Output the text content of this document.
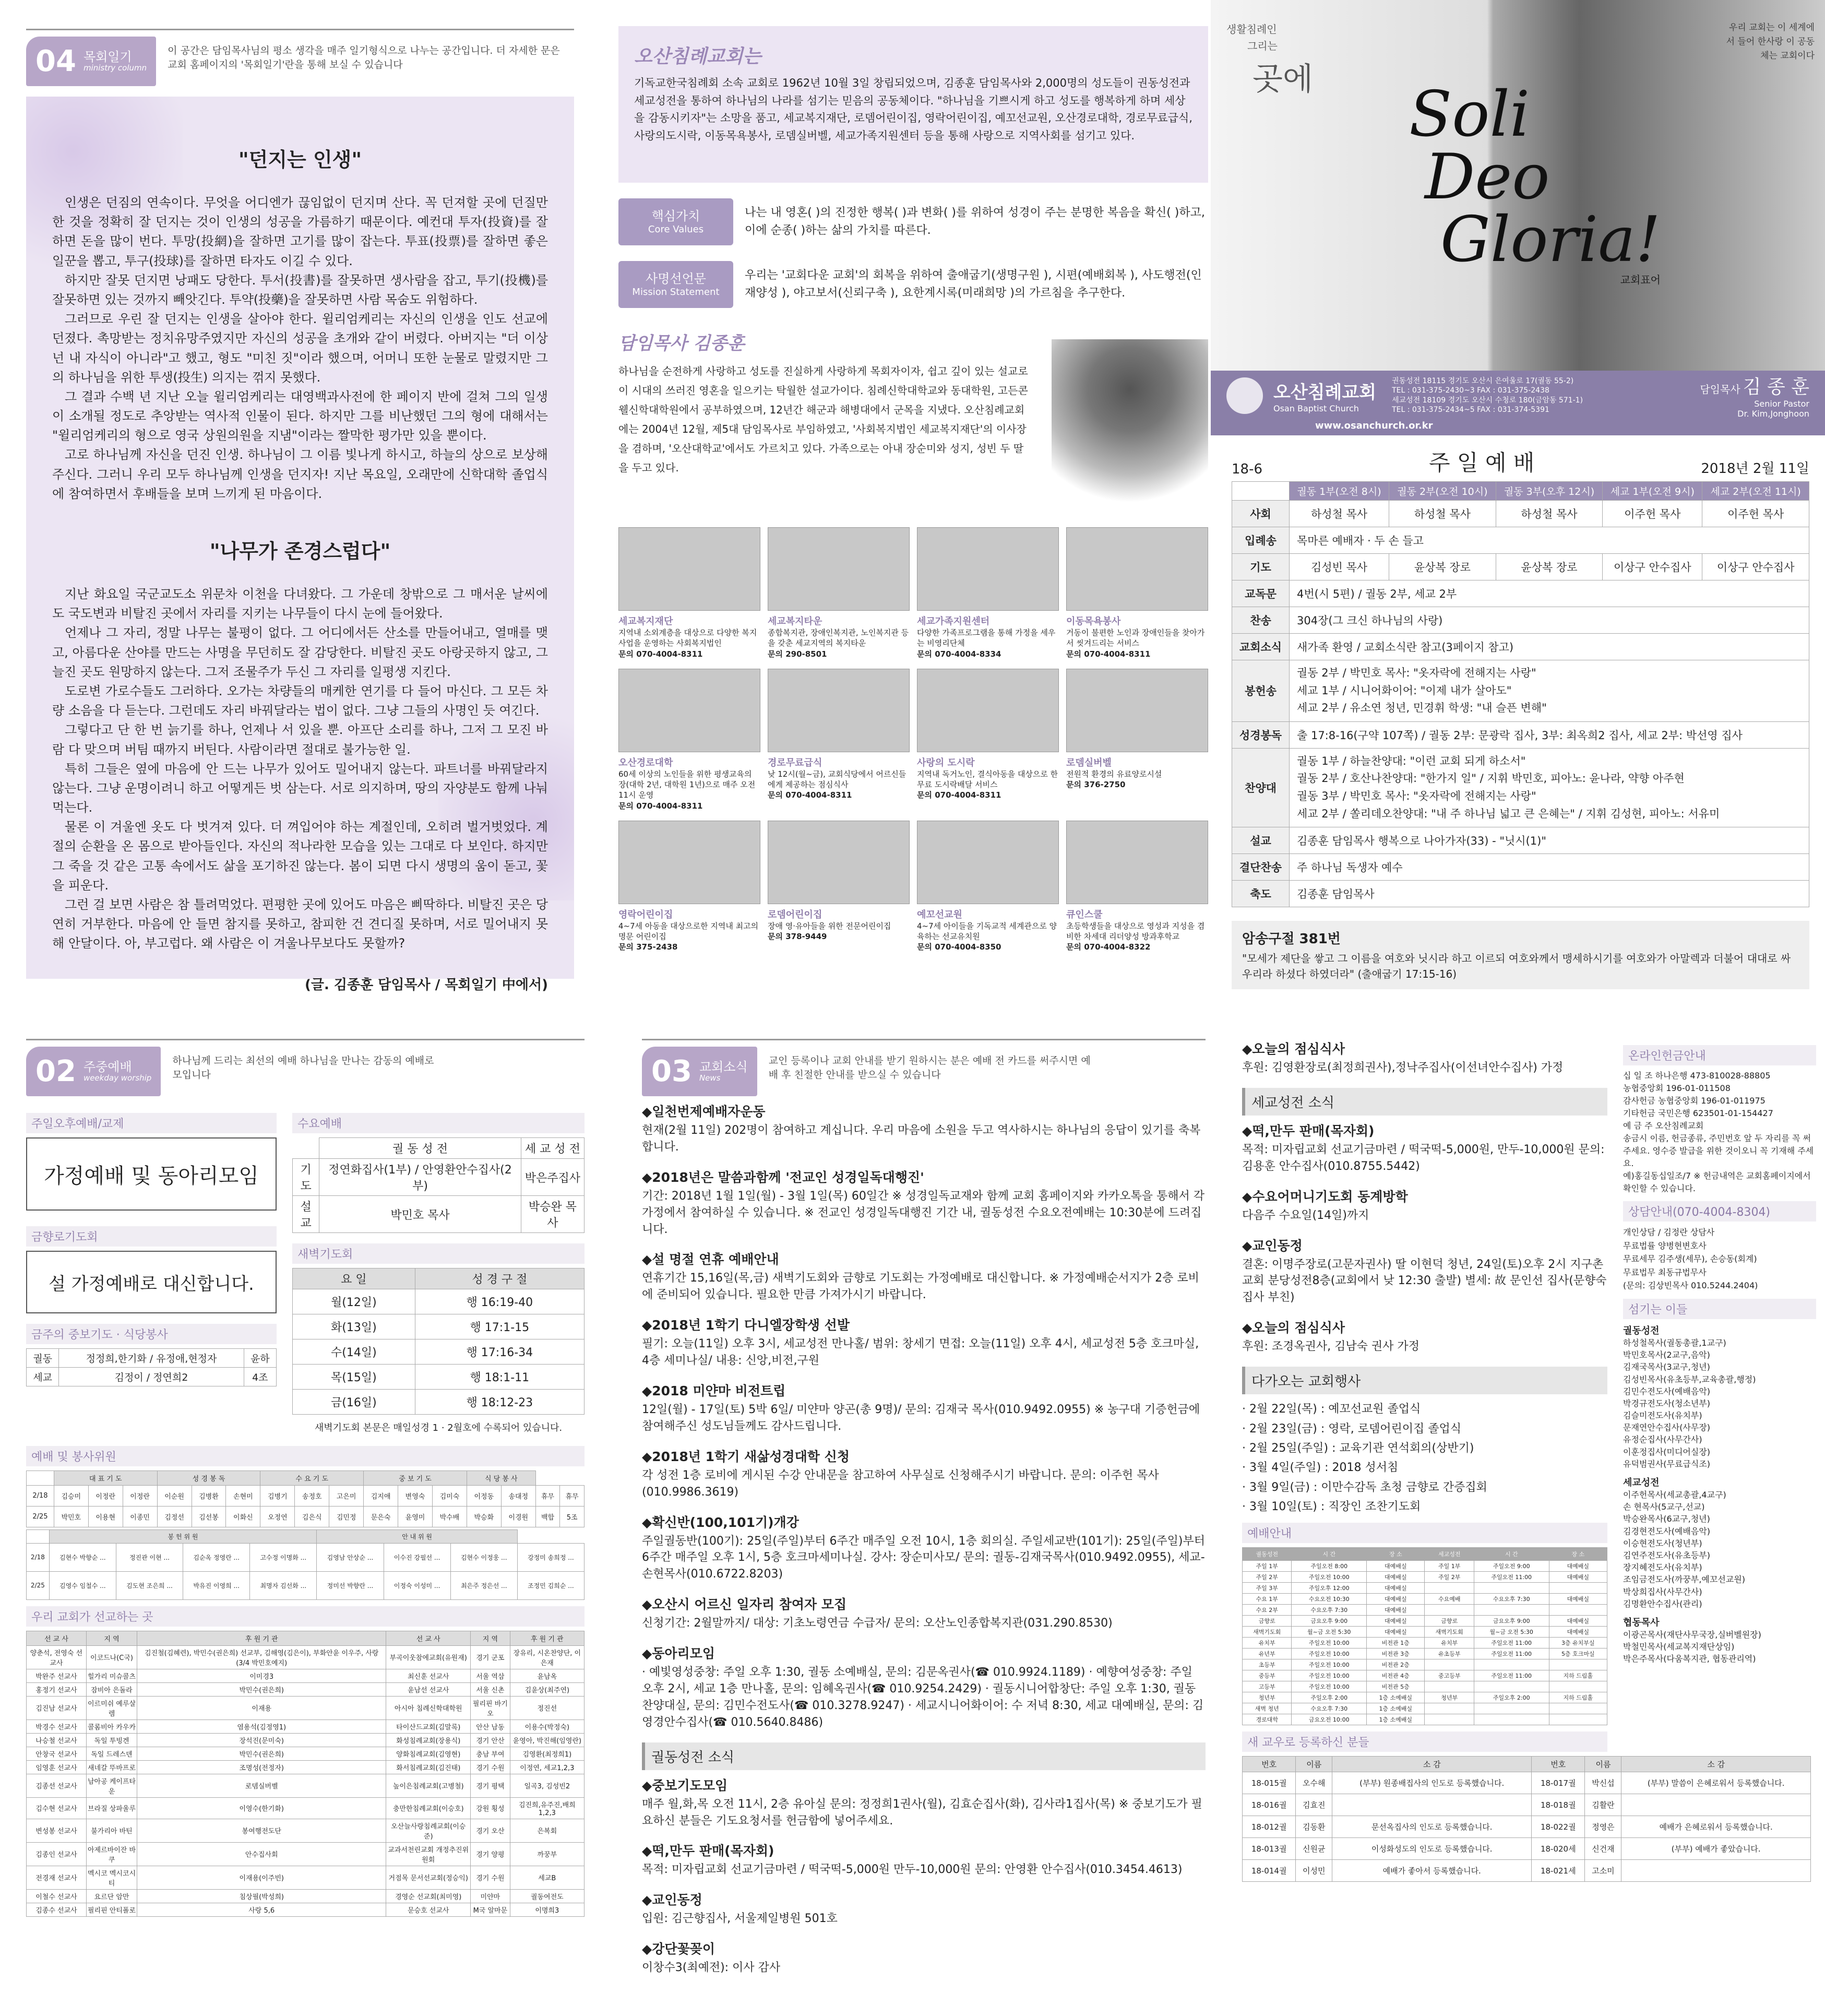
04 목회일기
ministry column
이 공간은 담임목사님의 평소 생각을 매주 일기형식으로 나누는 공간입니다. 더 자세한 문은 교회 홈페이지의 '목회일기'란을 통해 보실 수 있습니다
"던지는 인생"

인생은 던짐의 연속이다. 무엇을 어디엔가 끊임없이 던지며 산다. 꼭 던져할 곳에 던질만한 것을 정확히 잘 던지는 것이 인생의 성공을 가름하기 때문이다. 예컨대 투자(投資)를 잘하면 돈을 많이 번다. 투망(投網)을 잘하면 고기를 많이 잡는다. 투표(投票)를 잘하면 좋은 일꾼을 뽑고, 투구(投球)를 잘하면 타자도 이길 수 있다.

하지만 잘못 던지면 낭패도 당한다. 투서(投書)를 잘못하면 생사람을 잡고, 투기(投機)를 잘못하면 있는 것까지 빼앗긴다. 투약(投藥)을 잘못하면 사람 목숨도 위험하다.

그러므로 우린 잘 던지는 인생을 살아야 한다. 윌리엄케리는 자신의 인생을 인도 선교에 던졌다. 촉망받는 정치유망주였지만 자신의 성공을 초개와 같이 버렸다. 아버지는 "더 이상 넌 내 자식이 아니라"고 했고, 형도 "미친 짓"이라 했으며, 어머니 또한 눈물로 말렸지만 그의 하나님을 위한 투생(投生) 의지는 꺾지 못했다.

그 결과 수백 년 지난 오늘 윌리엄케리는 대영백과사전에 한 페이지 반에 걸쳐 그의 일생이 소개될 정도로 추앙받는 역사적 인물이 된다. 하지만 그를 비난했던 그의 형에 대해서는 "윌리엄케리의 형으로 영국 상원의원을 지냄"이라는 짤막한 평가만 있을 뿐이다.

고로 하나님께 자신을 던진 인생. 하나님이 그 이름 빛나게 하시고, 하늘의 상으로 보상해주신다. 그러니 우리 모두 하나님께 인생을 던지자! 지난 목요일, 오래만에 신학대학 졸업식에 참여하면서 후배들을 보며 느끼게 된 마음이다.

"나무가 존경스럽다"

지난 화요일 국군교도소 위문차 이천을 다녀왔다. 그 가운데 창밖으로 그 매서운 날씨에도 국도변과 비탈진 곳에서 자리를 지키는 나무들이 다시 눈에 들어왔다.

언제나 그 자리, 정말 나무는 불평이 없다. 그 어디에서든 산소를 만들어내고, 열매를 맺고, 아름다운 산야를 만드는 사명을 무던히도 잘 감당한다. 비탈진 곳도 아랑곳하지 않고, 그늘진 곳도 원망하지 않는다. 그저 조물주가 두신 그 자리를 일평생 지킨다.

도로변 가로수들도 그러하다. 오가는 차량들의 매케한 연기를 다 들어 마신다. 그 모든 차량 소음을 다 듣는다. 그런데도 자리 바꿔달라는 법이 없다. 그냥 그들의 사명인 듯 여긴다.

그렇다고 단 한 번 늙기를 하나, 언제나 서 있을 뿐. 아프단 소리를 하나, 그저 그 모진 바람 다 맞으며 버팀 때까지 버틴다. 사람이라면 절대로 불가능한 일.

특히 그들은 옆에 마음에 안 드는 나무가 있어도 밀어내지 않는다. 파트너를 바꿔달라지 않는다. 그냥 운명이려니 하고 어떻게든 벗 삼는다. 서로 의지하며, 땅의 자양분도 함께 나눠 먹는다.

물론 이 겨울엔 옷도 다 벗겨져 있다. 더 껴입어야 하는 계절인데, 오히려 벌거벗었다. 계절의 순환을 온 몸으로 받아들인다. 자신의 적나라한 모습을 있는 그대로 다 보인다. 하지만 그 죽을 것 같은 고통 속에서도 삶을 포기하진 않는다. 봄이 되면 다시 생명의 움이 돋고, 꽃을 피운다.

그런 걸 보면 사람은 참 틀려먹었다. 편평한 곳에 있어도 마음은 삐딱하다. 비탈진 곳은 당연히 거부한다. 마음에 안 들면 참지를 못하고, 참피한 건 견디질 못하며, 서로 밀어내지 못해 안달이다. 아, 부고럽다. 왜 사람은 이 겨울나무보다도 못할까?

(글. 김종훈 담임목사 / 목회일기 中에서)

오산침례교회는

기독교한국침례회 소속 교회로 1962년 10월 3일 창립되었으며, 김종훈 담임목사와 2,000명의 성도들이 권동성전과 세교성전을 통하여 하나님의 나라를 섬기는 믿음의 공동체이다. "하나님을 기쁘시게 하고 성도를 행복하게 하며 세상을 감동시키자"는 소망을 품고, 세교복지재단, 로뎀어린이집, 영락어린이집, 예꼬선교원, 오산경로대학, 경로무료급식, 사랑의도시락, 이동목욕봉사, 로뎀실버벨, 세교가족지원센터 등을 통해 사랑으로 지역사회를 섬기고 있다.

핵심가치
Core Values

나는 내 영혼( )의 진정한 행복( )과 변화( )를 위하여 성경이 주는 분명한 복음을 확신( )하고, 이에 순종( )하는 삶의 가치를 따른다.

사명선언문
Mission Statement

우리는 '교회다운 교회'의 회복을 위하여 출애굽기(생명구원 ), 시편(예배회복 ), 사도행전(인재양성 ), 야고보서(신뢰구축 ), 요한계시록(미래희망 )의 가르침을 추구한다.

담임목사 김종훈

하나님을 순전하게 사랑하고 성도를 진실하게 사랑하게 목회자이자, 쉽고 깊이 있는 설교로 이 시대의 쓰러진 영혼을 일으키는 탁월한 설교가이다. 침례신학대학교와 동대학원, 고든콘웰신학대학원에서 공부하였으며, 12년간 해군과 해병대에서 군목을 지냈다. 오산침례교회에는 2004년 12월, 제5대 담임목사로 부임하였고, '사회복지법인 세교복지재단'의 이사장을 겸하며, '오산대학교'에서도 가르치고 있다. 가족으로는 아내 장순미와 성지, 성빈 두 딸을 두고 있다.

세교복지재단

지역내 소외계층을 대상으로 다양한 복지사업을 운영하는 사회복지법인

문의 070-4004-8311

세교복지타운

종합복지관, 장애인복지관, 노인복지관 등을 갖춘 세교지역의 복지타운

문의 290-8501

세교가족지원센터

다양한 가족프로그램을 통해 가정을 세우는 비영리단체

문의 070-4004-8334

이동목욕봉사

거동이 불편한 노인과 장애인들을 찾아가서 씻겨드리는 서비스

문의 070-4004-8311

오산경로대학

60세 이상의 노인들을 위한 평생교육의 장(대학 2년, 대학원 1년)으로 매주 오전 11시 운영

문의 070-4004-8311

경로무료급식

낮 12시(월~금), 교회식당에서 어르신들에게 제공하는 점심식사

문의 070-4004-8311

사랑의 도시락

지역내 독거노인, 결식아동을 대상으로 한 무료 도시락배달 서비스

문의 070-4004-8311

로뎀실버벨

전원적 환경의 유료양로시설

문의 376-2750

영락어린이집

4~7세 아동을 대상으로한 지역내 최고의 명문 어린이집

문의 375-2438

로뎀어린이집

장애 영·유아들을 위한 전문어린이집

문의 378-9449

예꼬선교원

4~7세 아이들을 기독교적 세계관으로 양육하는 선교유치원

문의 070-4004-8350

큐인스쿨

초등학생들을 대상으로 영성과 지성을 겸비한 차세대 리더양성 방과후학교

문의 070-4004-8322

생활침례인
그리는
곳에
우리 교회는 이 세계에서 들어 한사랑 이 공동체는 교회이다
Soli
Deo
Gloria!
교회표어
오산침례교회
Osan Baptist Church
권동성전 18115 경기도 오산시 은여울로 17(궐동 55-2)
TEL : 031-375-2430~3 FAX : 031-375-2438
세교성전 18109 경기도 오산시 수청로 180(금암동 571-1)
TEL : 031-375-2434~5 FAX : 031-374-5391
담임목사 김 종 훈
Senior Pastor
Dr. Kim,Jonghoon
www.osanchurch.or.kr
18-6	주 일 예 배	2018년 2월 11일
	궐동 1부(오전 8시)	궐동 2부(오전 10시)	궐동 3부(오후 12시)	세교 1부(오전 9시)	세교 2부(오전 11시)
사회	하성철 목사	하성철 목사	하성철 목사	이주헌 목사	이주헌 목사
입례송	목마른 예배자 · 두 손 들고				
기도	김성빈 목사	윤상복 장로	윤상복 장로	이상구 안수집사	이상구 안수집사
교독문	4번(시 5편) / 궐동 2부, 세교 2부				
찬송	304장(그 크신 하나님의 사랑)				
교회소식	새가족 환영 / 교회소식란 참고(3페이지 참고)				
봉헌송	궐동 2부 / 박민호 목사: "옷자락에 전해지는 사랑"
세교 1부 / 시니어화이어: "이제 내가 살아도"
세교 2부 / 유소연 청년, 민경휘 학생: "내 슬픈 변해"				

성경봉독	출 17:8-16(구약 107쪽) / 궐동 2부: 문광락 집사, 3부: 최옥희2 집사, 세교 2부: 박선영 집사				
찬양대	궐동 1부 / 하늘찬양대: "이런 교회 되게 하소서"
궐동 2부 / 호산나찬양대: "한가지 일" / 지휘 박민호, 피아노: 윤나라, 약향 아주현
궐동 3부 / 박민호 목사: "옷자락에 전해지는 사랑"
세교 2부 / 쏠리데오찬양대: "내 주 하나님 넓고 큰 은혜는" / 지휘 김성현, 피아노: 서유미				

설교	김종훈 담임목사 행복으로 나아가자(33) - "닛시(1)"				
결단찬송	주 하나님 독생자 예수				
축도	김종훈 담임목사				
암송구절 381번
"모세가 제단을 쌓고 그 이름을 여호와 닛시라 하고 이르되 여호와께서 맹세하시기를 여호와가 아말렉과 더불어 대대로 싸우리라 하셨다 하였더라" (출애굽기 17:15-16)
02 주중예배
weekday worship
하나님께 드리는 최선의 예배 하나님을 만나는 감동의 예배로 모입니다
주일오후예배/교제
가정예배 및 동아리모임
금향로기도회
설 가정예배로 대신합니다.
금주의 중보기도 · 식당봉사
궐동	정정희,한기화 / 유정애,현정자	윤하
세교	김정이 / 정연희2	4조
수요예배
	궐 동 성 전	세 교 성 전
기도	정연화집사(1부) / 안영환안수집사(2부)	박은주집사
설교	박민호 목사	박승완 목사
새벽기도회
요 일	성 경 구 절
월(12일)	행 16:19-40
화(13일)	행 17:1-15
수(14일)	행 17:16-34
목(15일)	행 18:1-11
금(16일)	행 18:12-23

새벽기도회 본문은 매일성경 1 · 2월호에 수록되어 있습니다.

예배 및 봉사위원
	대 표 기 도			성 경 봉 독			수 요 기 도			중 보 기 도			식 당 봉 사			
2/18	김승미	이정란	이정란	이순원	김병환	손현미	김병기	송정호	고은미	김지애	변영숙	김미숙	이정동	송대정	휴무	휴무
2/25	박민호	이용현	이종민	김정선	김선봉	이화신	오정연	김은식	김민정	문은숙	윤영미	박수배	박승화	이경원	백합	5조
	봉 헌 위 원				안 내 위 원			
2/18	김현수 박향순 ...	정진관 이현 ...	김순옥 정영란 ...	고수정 이명화 ...	김영남 안상순 ...	이수진 강필선 ...	김현수 이정웅 ...	강정미 송희정 ...
2/25	김영수 임철수 ...	김도현 조은희 ...	박유진 이영희 ...	최명자 김선화 ...	정미선 박향란 ...	이정숙 이성미 ...	최은주 정은선 ...	조정민 김희순 ...
우리 교회가 선교하는 곳
선 교 사	지 역	후 원 기 관	선 교 사	지 역	후 원 기 관
양춘석, 전영숙 선교사	이코드나(C국)	김진철(김혜련), 박민수(권은희) 선교부, 김해영(김은이), 부화안윤 이우주, 사랑(3/4 박민호예지)	부곡이웃참에교회(유원재)	경기 군포	장유리, 시온찬양단, 이은재
박완주 선교사	힐가리 미슈콜츠	이미경3	최신훈 선교사	서울 역삼	윤남옥
홍정기 선교사	잠비아 은돌라	박민수(권은희)	윤남선 선교사	서울 신촌	김윤상(최주연)
김진남 선교사	이르미쉬 예루살렘	이재용	아시아 침례신학대학원	필리핀 바기오	정진선
박경수 선교사	콜롬비아 카우카	염용석(김정영1)	타이산드교회(김말록)	안산 남동	이용수(박정숙)
나승철 선교사	독일 투빙겐	장석진(문미숙)	화성침례교회(장용식)	경기 안산	윤영아, 박진해(임영란)
안창국 선교사	독일 드레스덴	박민수(권은희)	양화침례교회(김영현)	충남 부여	김영환(최정희1)
임영훈 선교사	새네갈 뚜바프로	조명성(전정자)	화서침례교회(김진태)	경기 수원	이정연, 세교1,2,3
김종선 선교사	남아공 케이프타운	로뎀실버벨	높이은침례교회(고병철)	경기 평택	일곡3, 김성빈2
김수현 선교사	브라질 상파울루	이영수(한기화)	충만한침례교회(이승호)	강원 횡성	김진희,유주진,배희1,2,3
변성봉 선교사	불가리아 바틴	봉여행전도단	오산늘사랑침례교회(이승준)	경기 오산	은복회
김종인 선교사	아제르바이잔 바쿠	안수집사회	교과서천린교회 개정추진위원회	경기 양평	까꿍부
전경재 선교사	멕시코 멕시코시티	이재용(이주빈)	거점목 문서선교회(정승익)	경기 수원	세교B
이철수 선교사	요르단 암만	침상필(박성희)	경영순 선교회(최미영)	미얀마	궐동여전도
김종수 선교사	필리핀 안티폴로	사랑 5,6	문승호 선교사	M국 알마문	이명희3
03 교회소식
News
교인 등록이나 교회 안내를 받기 원하시는 분은 예배 전 카드를 써주시면 예배 후 친절한 안내를 받으실 수 있습니다
◆일천번제예배자운동

현재(2월 11일) 202명이 참여하고 계십니다. 우리 마음에 소원을 두고 역사하시는 하나님의 응답이 있기를 축복합니다.

◆2018년은 말씀과함께 '전교인 성경일독대행진'

기간: 2018년 1월 1일(월) - 3월 1일(목) 60일간 ※ 성경일독교재와 함께 교회 홈페이지와 카카오톡을 통해서 각 가정에서 참여하실 수 있습니다. ※ 전교인 성경일독대행진 기간 내, 궐동성전 수요오전예배는 10:30분에 드려집니다.

◆설 명절 연휴 예배안내

연휴기간 15,16일(목,금) 새벽기도회와 금향로 기도회는 가정예배로 대신합니다. ※ 가정예배순서지가 2층 로비에 준비되어 있습니다. 필요한 만큼 가져가시기 바랍니다.

◆2018년 1학기 다니엘장학생 선발

필기: 오늘(11일) 오후 3시, 세교성전 만나홀/ 범위: 창세기 면접: 오늘(11일) 오후 4시, 세교성전 5층 호크마실, 4층 세미나실/ 내용: 신앙,비전,구원

◆2018 미얀마 비전트립

12일(월) - 17일(토) 5박 6일/ 미얀마 양곤(총 9명)/ 문의: 김재국 목사(010.9492.0955) ※ 농구대 기증헌금에 참여해주신 성도님들께도 감사드립니다.

◆2018년 1학기 새삶성경대학 신청

각 성전 1층 로비에 게시된 수강 안내문을 참고하여 사무실로 신청해주시기 바랍니다. 문의: 이주헌 목사 (010.9986.3619)

◆확신반(100,101기)개강

주일궐동반(100기): 25일(주일)부터 6주간 매주일 오전 10시, 1층 회의실. 주일세교반(101기): 25일(주일)부터 6주간 매주일 오후 1시, 5층 호크마세미나실. 강사: 장순미사모/ 문의: 궐동-김재국목사(010.9492.0955), 세교-손현목사(010.6722.8203)

◆오산시 어르신 일자리 참여자 모집

신청기간: 2월말까지/ 대상: 기초노령연금 수급자/ 문의: 오산노인종합복지관(031.290.8530)

◆동아리모임

· 예빛영성중창: 주일 오후 1:30, 궐동 소예배실, 문의: 김문옥권사(☎ 010.9924.1189) · 예향여성중창: 주일 오후 2시, 세교 1층 만나홀, 문의: 임혜옥권사(☎ 010.9254.2429) · 궐동시니어합창단: 주일 오후 1:30, 궐동 찬양대실, 문의: 김민수전도사(☎ 010.3278.9247) · 세교시니어화이어: 수 저녁 8:30, 세교 대예배실, 문의: 김영경안수집사(☎ 010.5640.8486)

궐동성전 소식
◆중보기도모임

매주 월,화,목 오전 11시, 2층 유아실 문의: 정정희1권사(월), 김효순집사(화), 김사라1집사(목) ※ 중보기도가 필요하신 분들은 기도요청서를 헌금함에 넣어주세요.

◆떡,만두 판매(목자회)

목적: 미자립교회 선교기금마련 / 떡국떡-5,000원 만두-10,000원 문의: 안영환 안수집사(010.3454.4613)

◆교인동정

입원: 김근향집사, 서울제일병원 501호

◆강단꽃꽂이

이창수3(최예전): 이사 감사

◆오늘의 점심식사

후원: 김영환장로(최정희권사),정낙주집사(이선녀안수집사) 가정

세교성전 소식
◆떡,만두 판매(목자회)

목적: 미자립교회 선교기금마련 / 떡국떡-5,000원, 만두-10,000원 문의: 김용훈 안수집사(010.8755.5442)

◆수요어머니기도회 동계방학

다음주 수요일(14일)까지

◆교인동정

결혼: 이명주장로(고문자권사) 딸 이현덕 청년, 24일(토)오후 2시 지구촌교회 분당성전8층(교회에서 낮 12:30 출발) 별세: 故 문인선 집사(문향숙집사 부친)

◆오늘의 점심식사

후원: 조경옥권사, 김남숙 권사 가정

다가오는 교회행사

· 2월 22일(목) : 예꼬선교원 졸업식

· 2월 23일(금) : 영락, 로뎀어린이집 졸업식

· 2월 25일(주일) : 교육기관 연석회의(상반기)

· 3월 4일(주일) : 2018 성서침

· 3월 9일(금) : 이만수감독 초청 금향로 간증집회

· 3월 10일(토) : 직장인 조찬기도회

예배안내
궐동성전	시 간	장 소	세교성전	시 간	장 소
주일 1부	주일오전 8:00	대예배실	주일 1부	주일오전 9:00	대예배실
주일 2부	주일오전 10:00	대예배실	주일 2부	주일오전 11:00	대예배실
주일 3부	주일오후 12:00	대예배실			
수요 1부	수요오전 10:30	대예배실	수요예배	수요오후 7:30	대예배실
수요 2부	수요오후 7:30	대예배실			
금향로	금요오후 9:00	대예배실	금향로	금요오후 9:00	대예배실
새벽기도회	월~금 오전 5:30	대예배실	새벽기도회	월~금 오전 5:30	대예배실
유치부	주일오전 10:00	비전관 1층	유치부	주일오전 11:00	3층 유치부실
유년부	주일오전 10:00	비전관 3층	유초등부	주일오전 11:00	5층 호크마실
초등부	주일오전 10:00	비전관 2층			
중등부	주일오전 10:00	비전관 4층	중고등부	주일오전 11:00	지하 드림홀
고등부	주일오전 10:00	비전관 5층			
청년부	주일오후 2:00	1층 소예배실	청년부	주일오후 2:00	지하 드림홀
새벽 청년	수요오후 7:30	1층 소예배실			
경로대학	금요오전 10:00	1층 소예배실			
새 교우로 등록하신 분들
번호	이름	소 감	번호	이름	소 감
18-015궐	오수해	(부부) 원종배집사의 인도로 등록했습니다.	18-017궐	박신섭	(부부) 말씀이 은혜로워서 등록했습니다.
18-016궐	김효진		18-018궐	김활란	
18-012궐	김동환	문선옥집사의 인도로 등록했습니다.	18-022궐	정영은	예배가 은혜로워서 등록했습니다.
18-013궐	신원균	이성화성도의 인도로 등록했습니다.	18-020세	신건재	(부부) 예배가 좋았습니다.
18-014궐	이성민	예배가 좋아서 등록했습니다.	18-021세	고소미	
온라인헌금안내
십 일 조 하나은행 473-810028-88805
농협중앙회 196-01-011508
감사헌금 농협중앙회 196-01-011975
기타헌금 국민은행 623501-01-154427
예 금 주 오산침례교회
송금시 이름, 헌금종류, 주민번호 앞 두 자리를 꼭 써주세요. 영수증 발급을 위한 것이오니 꼭 기재해 주세요.
예)홍길동십일조/7 ※ 헌금내역은 교회홈페이지에서 확인할 수 있습니다.
상담안내(070-4004-8304)
개인상담 / 김정란 상담사
무료법률 양병현변호사
무료세무 김주생(세무), 손승동(회계)
무료법무 최동규법무사
(문의: 김상빈목사 010.5244.2404)
섬기는 이들
궐동성전
하성철목사(궐동총괄,1교구)
박민호목사(2교구,음악)
김재국목사(3교구,청년)
김성빈목사(유초등부,교육총괄,행정)
김민수전도사(예배음악)
박경규전도사(청소년부)
김슬미전도사(유치부)
문재연안수집사(사무장)
유정순집사(사무간사)
이훈정집사(미디어실장)
유덕범권사(무료급식조)
세교성전
이주헌목사(세교총괄,4교구)
손 현목사(5교구,선교)
박승완목사(6교구,청년)
김경현전도사(예배음악)
이승현전도사(청년부)
김연주전도사(유초등부)
장지혜전도사(유치부)
조임금전도사(까꿍부,예꼬선교원)
박상희집사(사무간사)
김명환안수집사(관리)
협동목사
이광곤목사(재단사무국장,실버벨원장)
박철민목사(세교복지재단상임)
박은주목사(다움복지관, 협동관리역)
